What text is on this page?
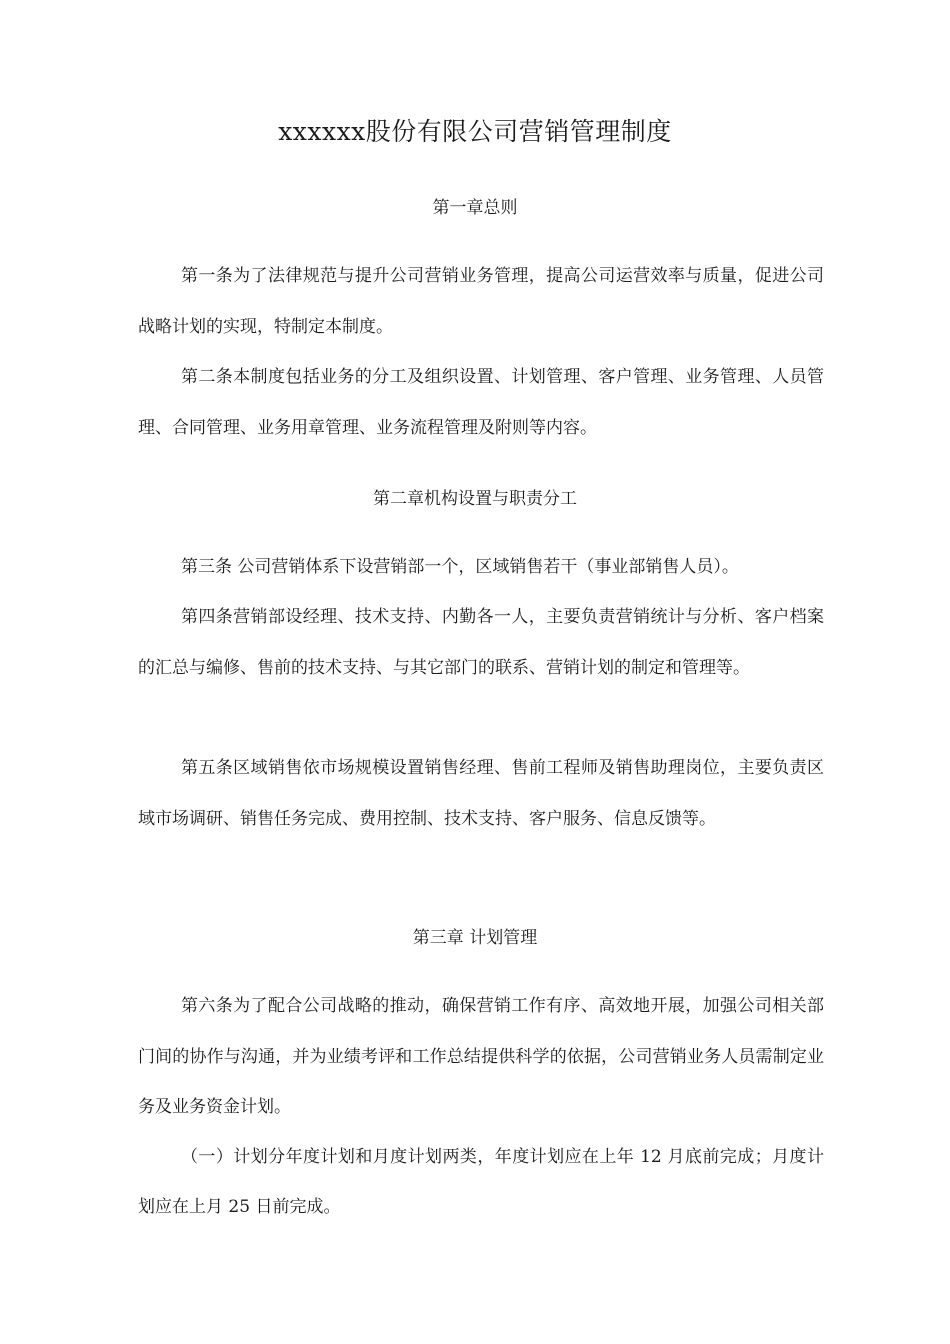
xxxxxx股份有限公司营销管理制度
第一章总则
第一条为了法律规范与提升公司营销业务管理，提高公司运营效率与质量，促进公司战略计划的实现，特制定本制度。
第二条本制度包括业务的分工及组织设置、计划管理、客户管理、业务管理、人员管理、合同管理、业务用章管理、业务流程管理及附则等内容。
第二章机构设置与职责分工
第三条 公司营销体系下设营销部一个，区域销售若干（事业部销售人员）。
第四条营销部设经理、技术支持、内勤各一人，主要负责营销统计与分析、客户档案的汇总与编修、售前的技术支持、与其它部门的联系、营销计划的制定和管理等。
第五条区域销售依市场规模设置销售经理、售前工程师及销售助理岗位，主要负责区域市场调研、销售任务完成、费用控制、技术支持、客户服务、信息反馈等。
第三章 计划管理
第六条为了配合公司战略的推动，确保营销工作有序、高效地开展，加强公司相关部门间的协作与沟通，并为业绩考评和工作总结提供科学的依据，公司营销业务人员需制定业务及业务资金计划。
（一）计划分年度计划和月度计划两类，年度计划应在上年 12 月底前完成；月度计划应在上月 25 日前完成。
